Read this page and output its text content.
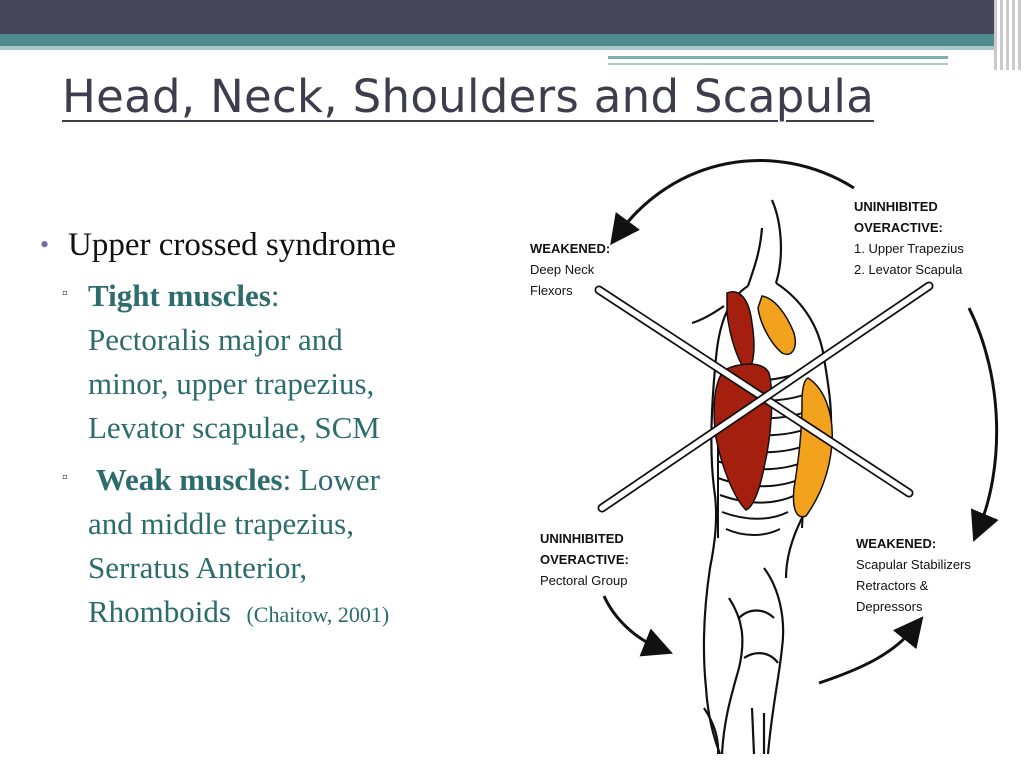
Head, Neck, Shoulders and Scapula
• Upper crossed syndrome
▫ Tight muscles:
Pectoralis major and
minor, upper trapezius,
Levator scapulae, SCM
▫ Weak muscles: Lower
and middle trapezius,
Serratus Anterior,
Rhomboids (Chaitow, 2001)
WEAKENED:
Deep Neck
Flexors
UNINHIBITED
OVERACTIVE:
1. Upper Trapezius
2. Levator Scapula
UNINHIBITED
OVERACTIVE:
Pectoral Group
WEAKENED:
Scapular Stabilizers
Retractors &
Depressors
